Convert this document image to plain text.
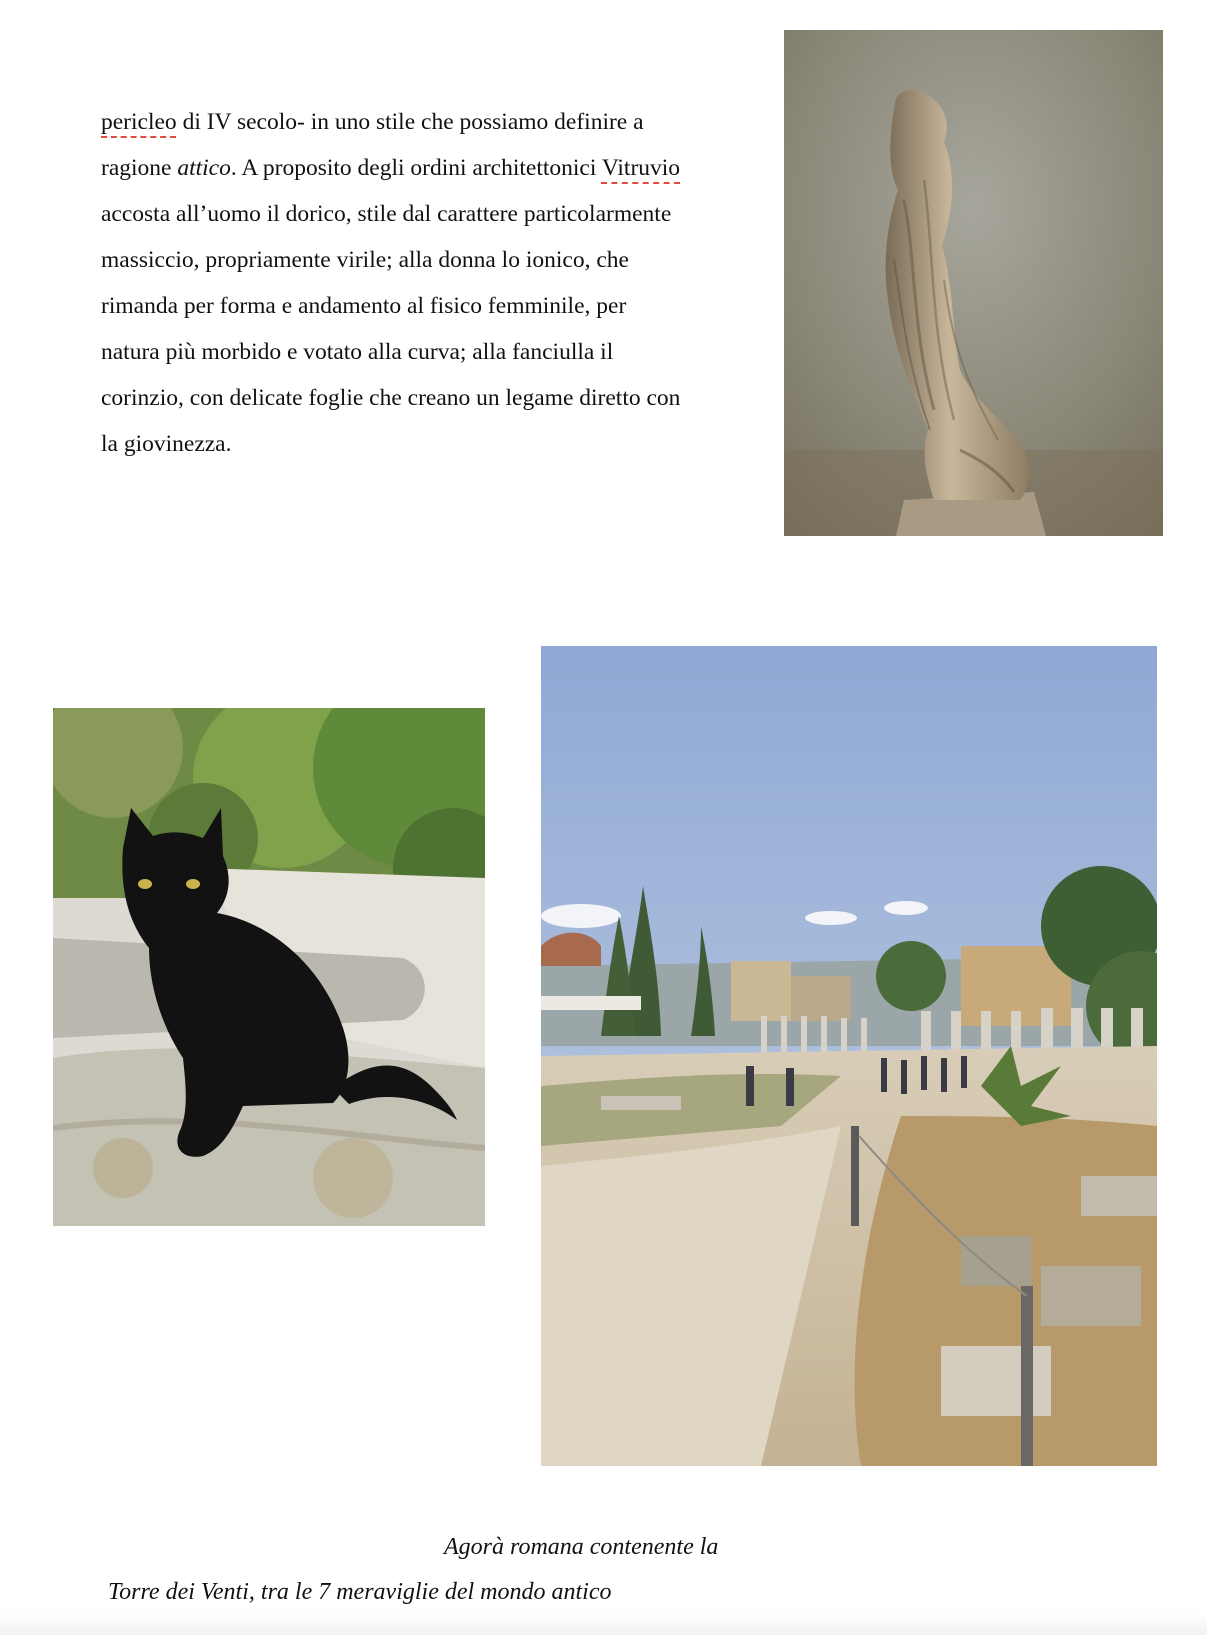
pericleo di IV secolo- in uno stile che possiamo definire a
ragione attico. A proposito degli ordini architettonici Vitruvio
accosta all’uomo il dorico, stile dal carattere particolarmente
massiccio, propriamente virile; alla donna lo ionico, che
rimanda per forma e andamento al fisico femminile, per
natura più morbido e votato alla curva; alla fanciulla il
corinzio, con delicate foglie che creano un legame diretto con
la giovinezza.

Agorà romana contenente la

Torre dei Venti, tra le 7 meraviglie del mondo antico
